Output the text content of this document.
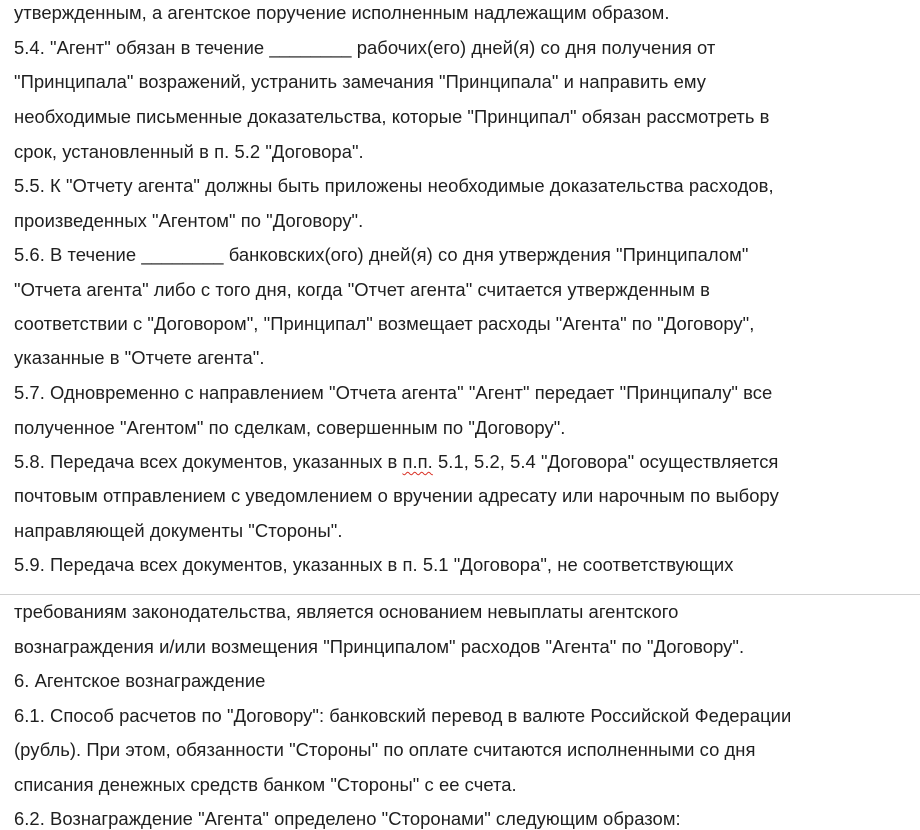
утвержденным, а агентское поручение исполненным надлежащим образом.
5.4. "Агент" обязан в течение ________ рабочих(его) дней(я) со дня получения от
"Принципала" возражений, устранить замечания "Принципала" и направить ему
необходимые письменные доказательства, которые "Принципал" обязан рассмотреть в
срок, установленный в п. 5.2 "Договора".
5.5. К "Отчету агента" должны быть приложены необходимые доказательства расходов,
произведенных "Агентом" по "Договору".
5.6. В течение ________ банковских(ого) дней(я) со дня утверждения "Принципалом"
"Отчета агента" либо с того дня, когда "Отчет агента" считается утвержденным в
соответствии с "Договором", "Принципал" возмещает расходы "Агента" по "Договору",
указанные в "Отчете агента".
5.7. Одновременно с направлением "Отчета агента" "Агент" передает "Принципалу" все
полученное "Агентом" по сделкам, совершенным по "Договору".
5.8. Передача всех документов, указанных в п.п. 5.1, 5.2, 5.4 "Договора" осуществляется
почтовым отправлением с уведомлением о вручении адресату или нарочным по выбору
направляющей документы "Стороны".
5.9. Передача всех документов, указанных в п. 5.1 "Договора", не соответствующих
требованиям законодательства, является основанием невыплаты агентского
вознаграждения и/или возмещения "Принципалом" расходов "Агента" по "Договору".
6. Агентское вознаграждение
6.1. Способ расчетов по "Договору": банковский перевод в валюте Российской Федерации
(рубль). При этом, обязанности "Стороны" по оплате считаются исполненными со дня
списания денежных средств банком "Стороны" с ее счета.
6.2. Вознаграждение "Агента" определено "Сторонами" следующим образом:
